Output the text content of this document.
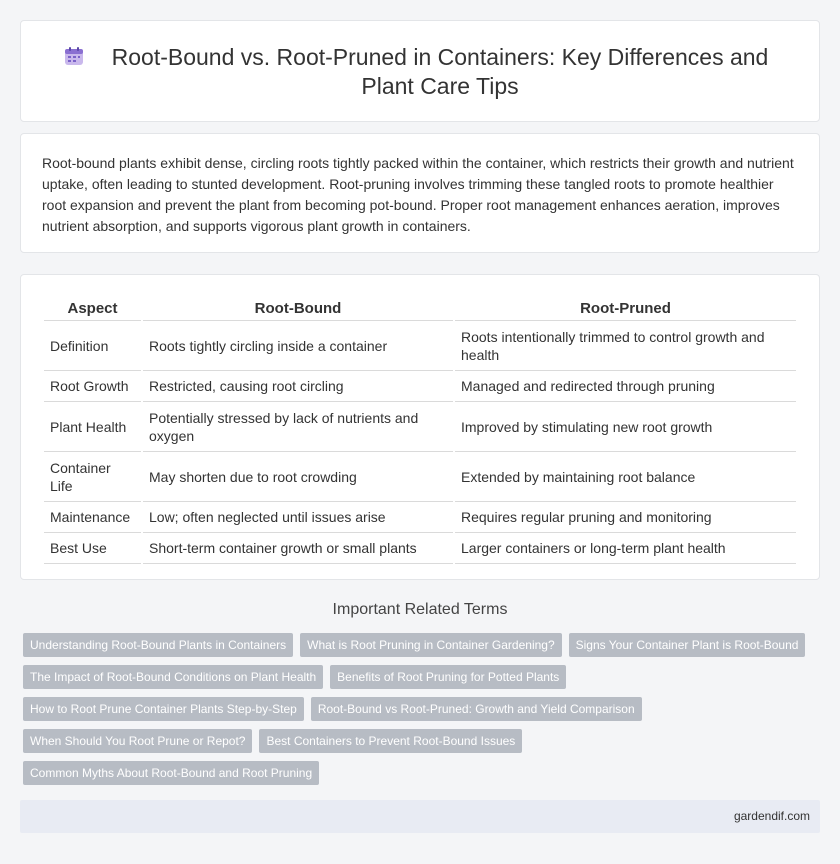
Root-Bound vs. Root-Pruned in Containers: Key Differences and Plant Care Tips

Root-bound plants exhibit dense, circling roots tightly packed within the container, which restricts their growth and nutrient uptake, often leading to stunted development. Root-pruning involves trimming these tangled roots to promote healthier root expansion and prevent the plant from becoming pot-bound. Proper root management enhances aeration, improves nutrient absorption, and supports vigorous plant growth in containers.

Aspect	Root-Bound	Root-Pruned
Definition	Roots tightly circling inside a container	Roots intentionally trimmed to control growth and health
Root Growth	Restricted, causing root circling	Managed and redirected through pruning
Plant Health	Potentially stressed by lack of nutrients and oxygen	Improved by stimulating new root growth
Container Life	May shorten due to root crowding	Extended by maintaining root balance
Maintenance	Low; often neglected until issues arise	Requires regular pruning and monitoring
Best Use	Short-term container growth or small plants	Larger containers or long-term plant health
Important Related Terms
Understanding Root-Bound Plants in Containers	What is Root Pruning in Container Gardening?	Signs Your Container Plant is Root-Bound
The Impact of Root-Bound Conditions on Plant Health	Benefits of Root Pruning for Potted Plants
How to Root Prune Container Plants Step-by-Step	Root-Bound vs Root-Pruned: Growth and Yield Comparison
When Should You Root Prune or Repot?	Best Containers to Prevent Root-Bound Issues
Common Myths About Root-Bound and Root Pruning
gardendif.com
